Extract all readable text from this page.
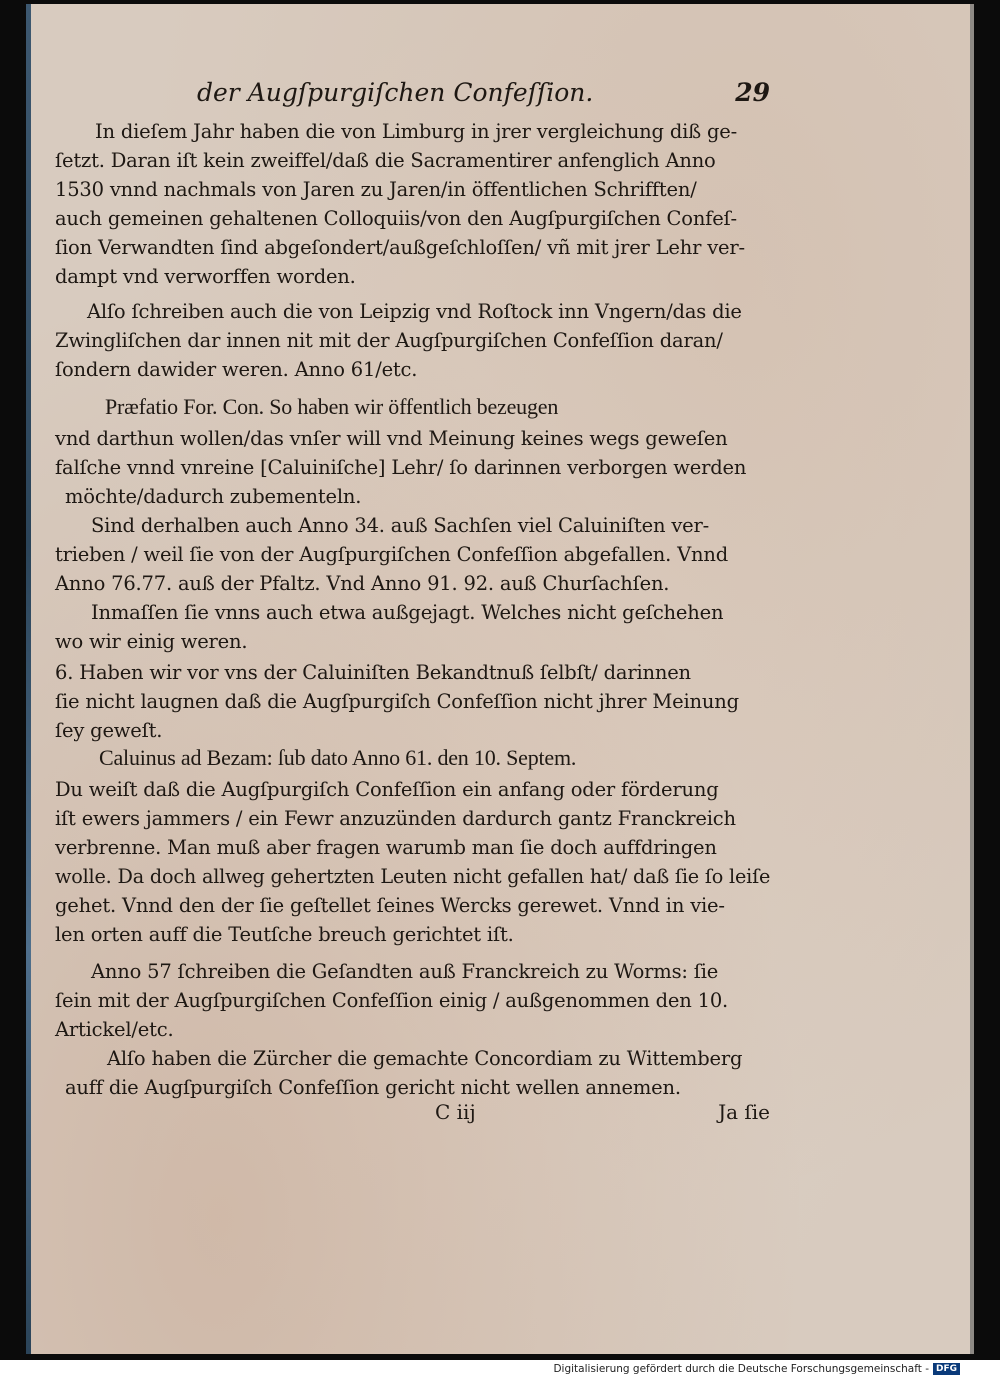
der Augſpurgiſchen Confeſſion.	29
In dieſem Jahr haben die von Limburg in jrer vergleichung diß ge-
ſetzt. Daran iſt kein zweiffel/daß die Sacramentirer anfenglich Anno
1530 vnnd nachmals von Jaren zu Jaren/in öffentlichen Schrifften/
auch gemeinen gehaltenen Colloquiis/von den Augſpurgiſchen Confeſ-
ſion Verwandten ſind abgeſondert/außgeſchloſſen/ vñ mit jrer Lehr ver-
dampt vnd verworffen worden.
Alſo ſchreiben auch die von Leipzig vnd Roſtock inn Vngern/das die
Zwingliſchen dar innen nit mit der Augſpurgiſchen Confeſſion daran/
ſondern dawider weren. Anno 61/etc.
Præfatio For. Con. So haben wir öffentlich bezeugen
vnd darthun wollen/das vnſer will vnd Meinung keines wegs geweſen
falſche vnnd vnreine [Caluiniſche] Lehr/ ſo darinnen verborgen werden
möchte/dadurch zubementeln.
Sind derhalben auch Anno 34. auß Sachſen viel Caluiniſten ver-
trieben / weil ſie von der Augſpurgiſchen Confeſſion abgefallen. Vnnd
Anno 76.77. auß der Pfaltz. Vnd Anno 91. 92. auß Churſachſen.
Inmaſſen ſie vnns auch etwa außgejagt. Welches nicht geſchehen
wo wir einig weren.
6. Haben wir vor vns der Caluiniſten Bekandtnuß ſelbſt/ darinnen
ſie nicht laugnen daß die Augſpurgiſch Confeſſion nicht jhrer Meinung
ſey geweſt.
Caluinus ad Bezam: ſub dato Anno 61. den 10. Septem.
Du weiſt daß die Augſpurgiſch Confeſſion ein anfang oder förderung
iſt ewers jammers / ein Fewr anzuzünden dardurch gantz Franckreich
verbrenne. Man muß aber fragen warumb man ſie doch auffdringen
wolle. Da doch allweg gehertzten Leuten nicht gefallen hat/ daß ſie ſo leiſe
gehet. Vnnd den der ſie geſtellet ſeines Wercks gerewet. Vnnd in vie-
len orten auff die Teutſche breuch gerichtet iſt.
Anno 57 ſchreiben die Geſandten auß Franckreich zu Worms: ſie
ſein mit der Augſpurgiſchen Confeſſion einig / außgenommen den 10.
Artickel/etc.
Alſo haben die Zürcher die gemachte Concordiam zu Wittemberg
auff die Augſpurgiſch Confeſſion gericht nicht wellen annemen.
C iij	Ja ſie
Digitalisierung gefördert durch die Deutsche Forschungsgemeinschaft - DFG
